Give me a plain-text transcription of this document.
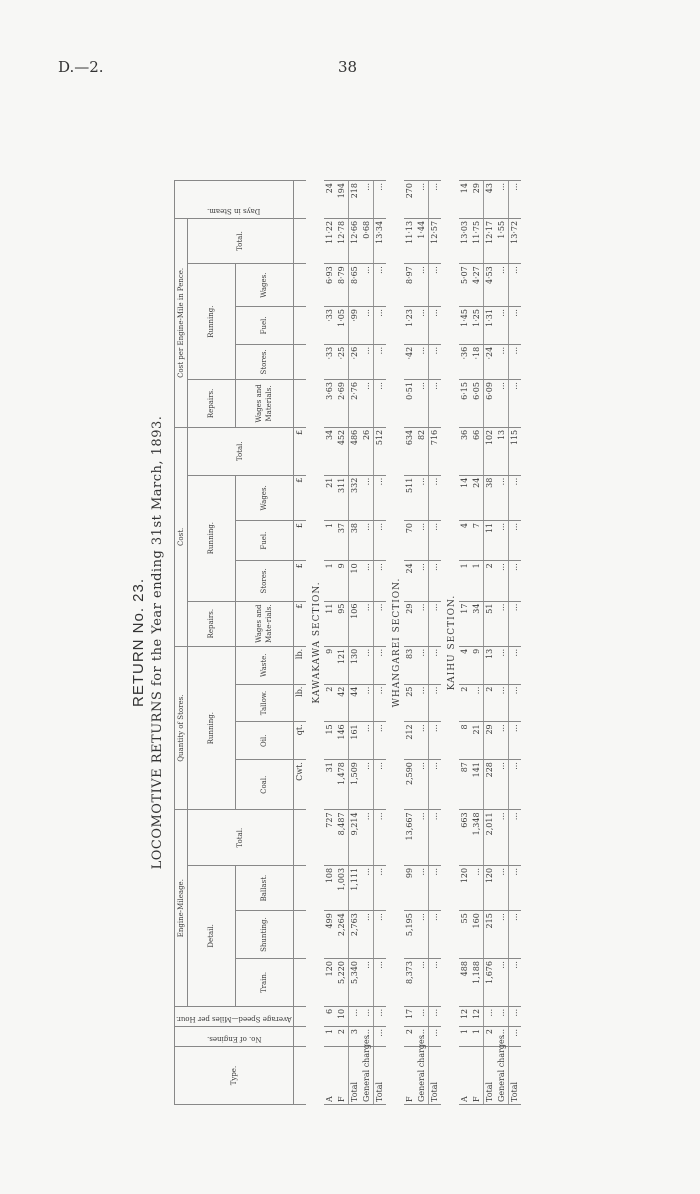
D.—2.	38
RETURN No. 23. LOCOMOTIVE RETURNS for the Year ending 31st March, 1893.
Type.	No. of Engines.	Average Speed—Miles per Hour.	Engine-Mileage.				Quantity of Stores.				Cost.					Cost per Engine-Mile in Pence.					Days in Steam.

			Detail.			Total.	Running.				Repairs.	Running.			Total.	Repairs.	Running.			Total.	
			Train.	Shunting.	Ballast.		Coal.	Oil.	Tallow.	Waste.	Wages and Mate-rials.	Stores.	Fuel.	Wages.		Wages and Materials.	Stores.	Fuel.	Wages.		

							Cwt.	qt.	lb.	lb.	£	£	£	£	£						
KAWAKAWA SECTION.																					
A	1	6	120	499	108	727	31	15	2	9	11	1	1	21	34	3·63	·33	·33	6·93	11·22	24
F	2	10	5,220	2,264	1,003	8,487	1,478	146	42	121	95	9	37	311	452	2·69	·25	1·05	8·79	12·78	194
Total	3	...	5,340	2,763	1,111	9,214	1,509	161	44	130	106	10	38	332	486	2·76	·26	·99	8·65	12·66	218
General charges	...	...	...	...	...	...	...	...	...	...	...	...	...	...	26	...	...	...	...	0·68	...
Total	...	...	...	...	...	...	...	...	...	...	...	...	...	...	512	...	...	...	...	13·34	...
WHANGAREI SECTION.																					
F	2	17	8,373	5,195	99	13,667	2,590	212	25	83	29	24	70	511	634	0·51	·42	1·23	8·97	11·13	270
General charges	...	...	...	...	...	...	...	...	...	...	...	...	...	...	82	...	...	...	...	1·44	...
Total	...	...	...	...	...	...	...	...	...	...	...	...	...	...	716	...	...	...	...	12·57	...
KAIHU SECTION.																					
A	1	12	488	55	120	663	87	8	2	4	17	1	4	14	36	6·15	·36	1·45	5·07	13·03	14
F	1	12	1,188	160	...	1,348	141	21	...	9	34	1	7	24	66	6·05	·18	1·25	4·27	11·75	29
Total	2	...	1,676	215	120	2,011	228	29	2	13	51	2	11	38	102	6·09	·24	1·31	4·53	12·17	43
General charges	...	...	...	...	...	...	...	...	...	...	...	...	...	...	13	...	...	...	...	1·55	...
Total	...	...	...	...	...	...	...	...	...	...	...	...	...	...	115	...	...	...	...	13·72	...
